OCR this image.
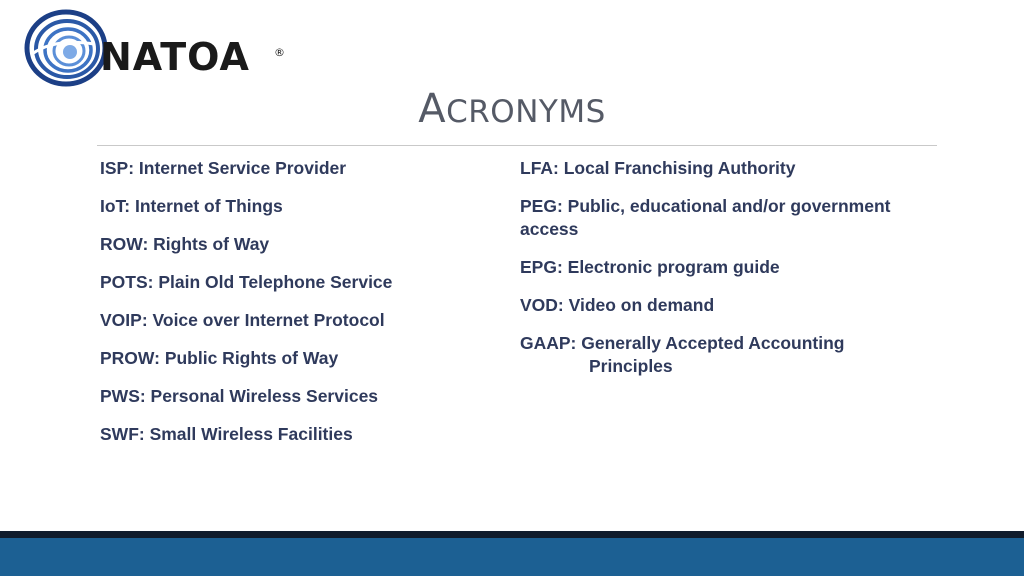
NATOA ®
ACRONYMS
ISP: Internet Service Provider
IoT: Internet of Things
ROW: Rights of Way
POTS: Plain Old Telephone Service
VOIP: Voice over Internet Protocol
PROW: Public Rights of Way
PWS: Personal Wireless Services
SWF: Small Wireless Facilities
LFA: Local Franchising Authority
PEG: Public, educational and/or government access
EPG: Electronic program guide
VOD: Video on demand
GAAP: Generally Accepted Accounting
Principles
